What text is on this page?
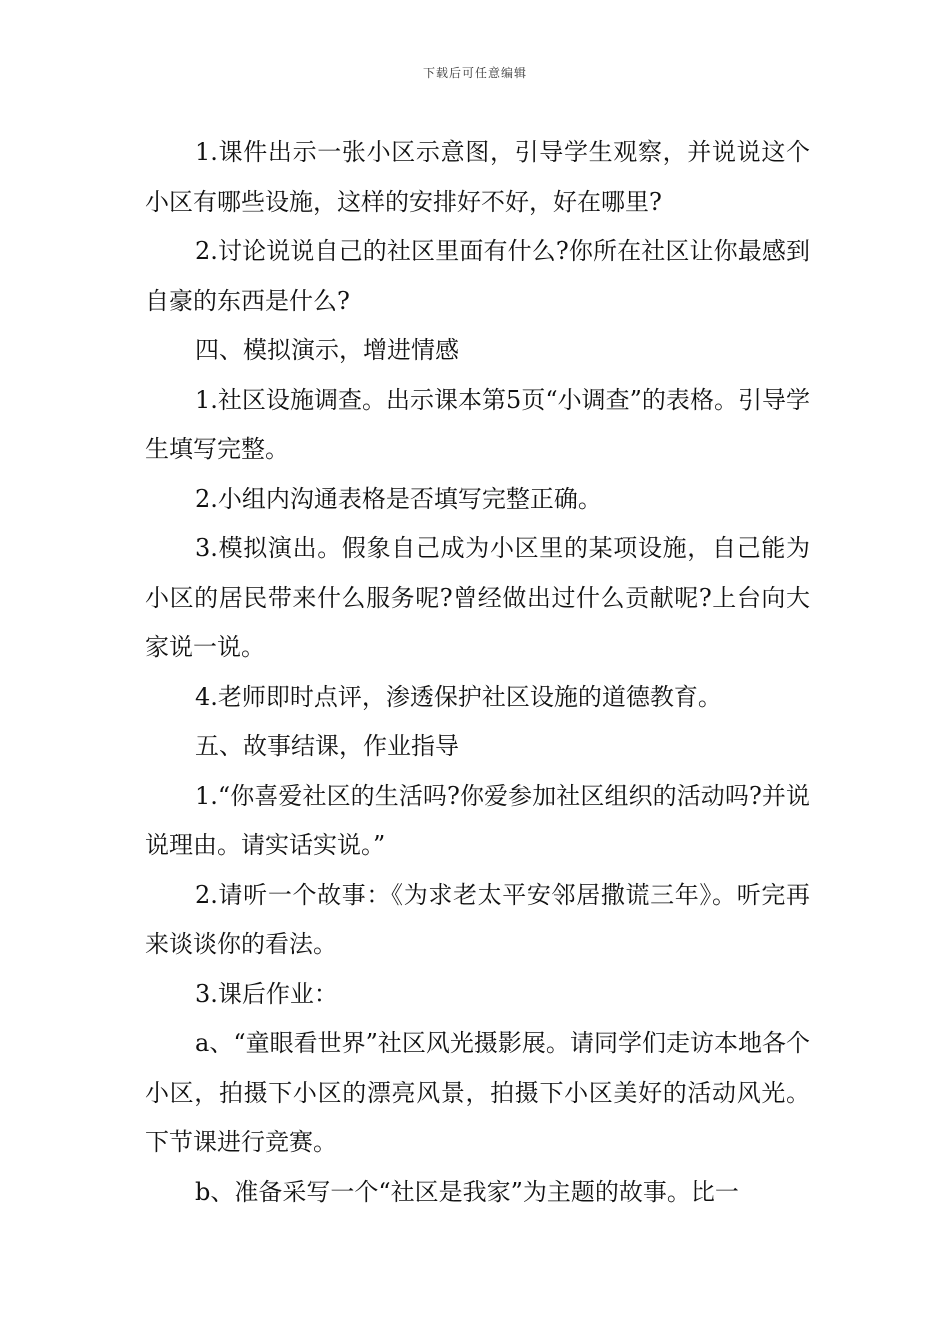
下载后可任意编辑

1.课件出示一张小区示意图，引导学生观察，并说说这个小区有哪些设施，这样的安排好不好，好在哪里?

2.讨论说说自己的社区里面有什么?你所在社区让你最感到自豪的东西是什么?

四、模拟演示，增进情感

1.社区设施调查。出示课本第5页“小调查”的表格。引导学生填写完整。

2.小组内沟通表格是否填写完整正确。

3.模拟演出。假象自己成为小区里的某项设施，自己能为小区的居民带来什么服务呢?曾经做出过什么贡献呢?上台向大家说一说。

4.老师即时点评，渗透保护社区设施的道德教育。

五、故事结课，作业指导

1.“你喜爱社区的生活吗?你爱参加社区组织的活动吗?并说说理由。请实话实说。”

2.请听一个故事：《为求老太平安邻居撒谎三年》。听完再来谈谈你的看法。

3.课后作业：

a、“童眼看世界”社区风光摄影展。请同学们走访本地各个小区，拍摄下小区的漂亮风景，拍摄下小区美好的活动风光。下节课进行竞赛。

b、准备采写一个“社区是我家”为主题的故事。比一
